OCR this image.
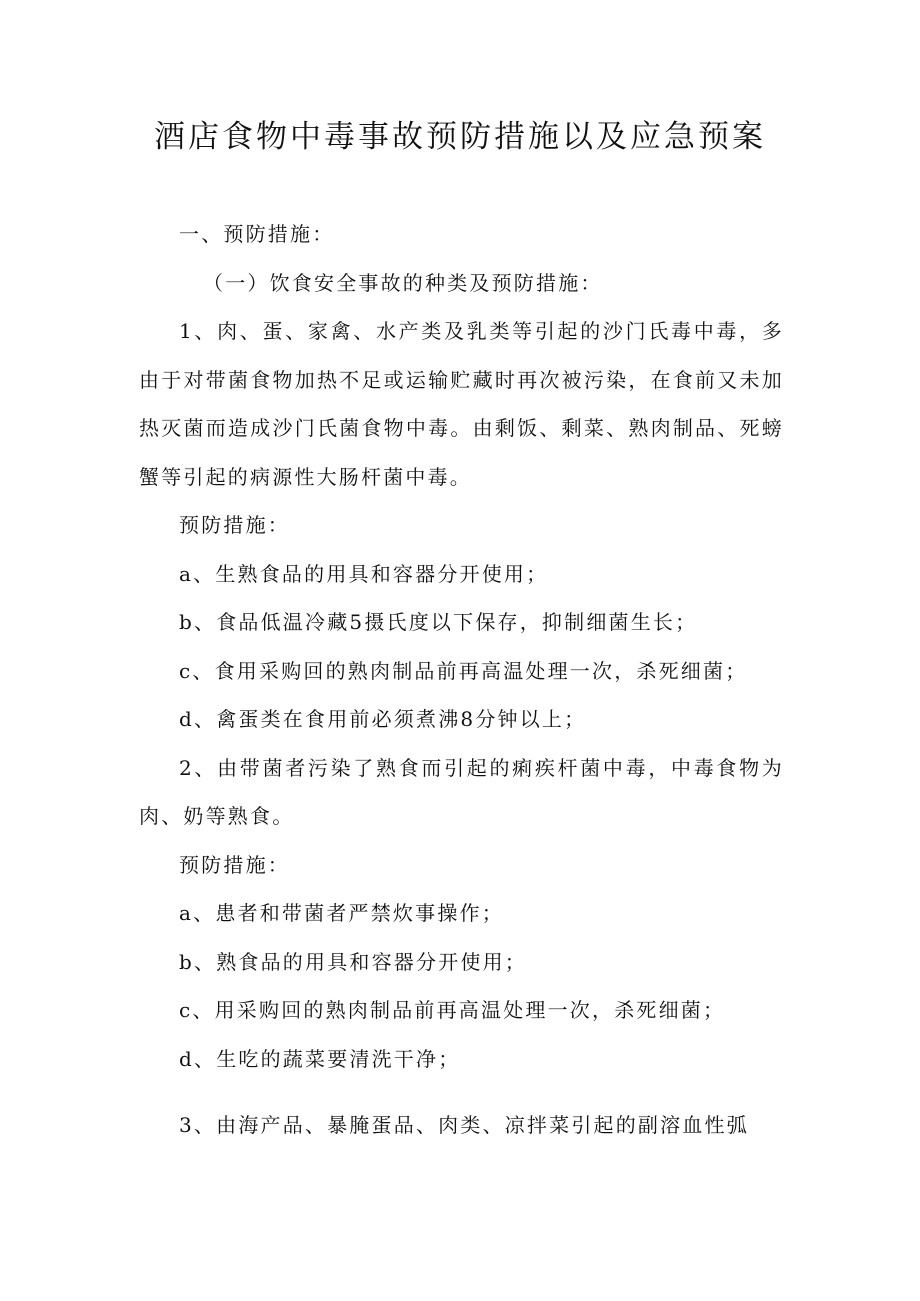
酒店食物中毒事故预防措施以及应急预案

一、预防措施：

（一）饮食安全事故的种类及预防措施：

1、肉、蛋、家禽、水产类及乳类等引起的沙门氏毒中毒，多由于对带菌食物加热不足或运输贮藏时再次被污染，在食前又未加热灭菌而造成沙门氏菌食物中毒。由剩饭、剩菜、熟肉制品、死螃蟹等引起的病源性大肠杆菌中毒。

预防措施：

a、生熟食品的用具和容器分开使用；

b、食品低温冷藏5摄氏度以下保存，抑制细菌生长；

c、食用采购回的熟肉制品前再高温处理一次，杀死细菌；

d、禽蛋类在食用前必须煮沸8分钟以上；

2、由带菌者污染了熟食而引起的痢疾杆菌中毒，中毒食物为肉、奶等熟食。

预防措施：

a、患者和带菌者严禁炊事操作；

b、熟食品的用具和容器分开使用；

c、用采购回的熟肉制品前再高温处理一次，杀死细菌；

d、生吃的蔬菜要清洗干净；

3、由海产品、暴腌蛋品、肉类、凉拌菜引起的副溶血性弧
